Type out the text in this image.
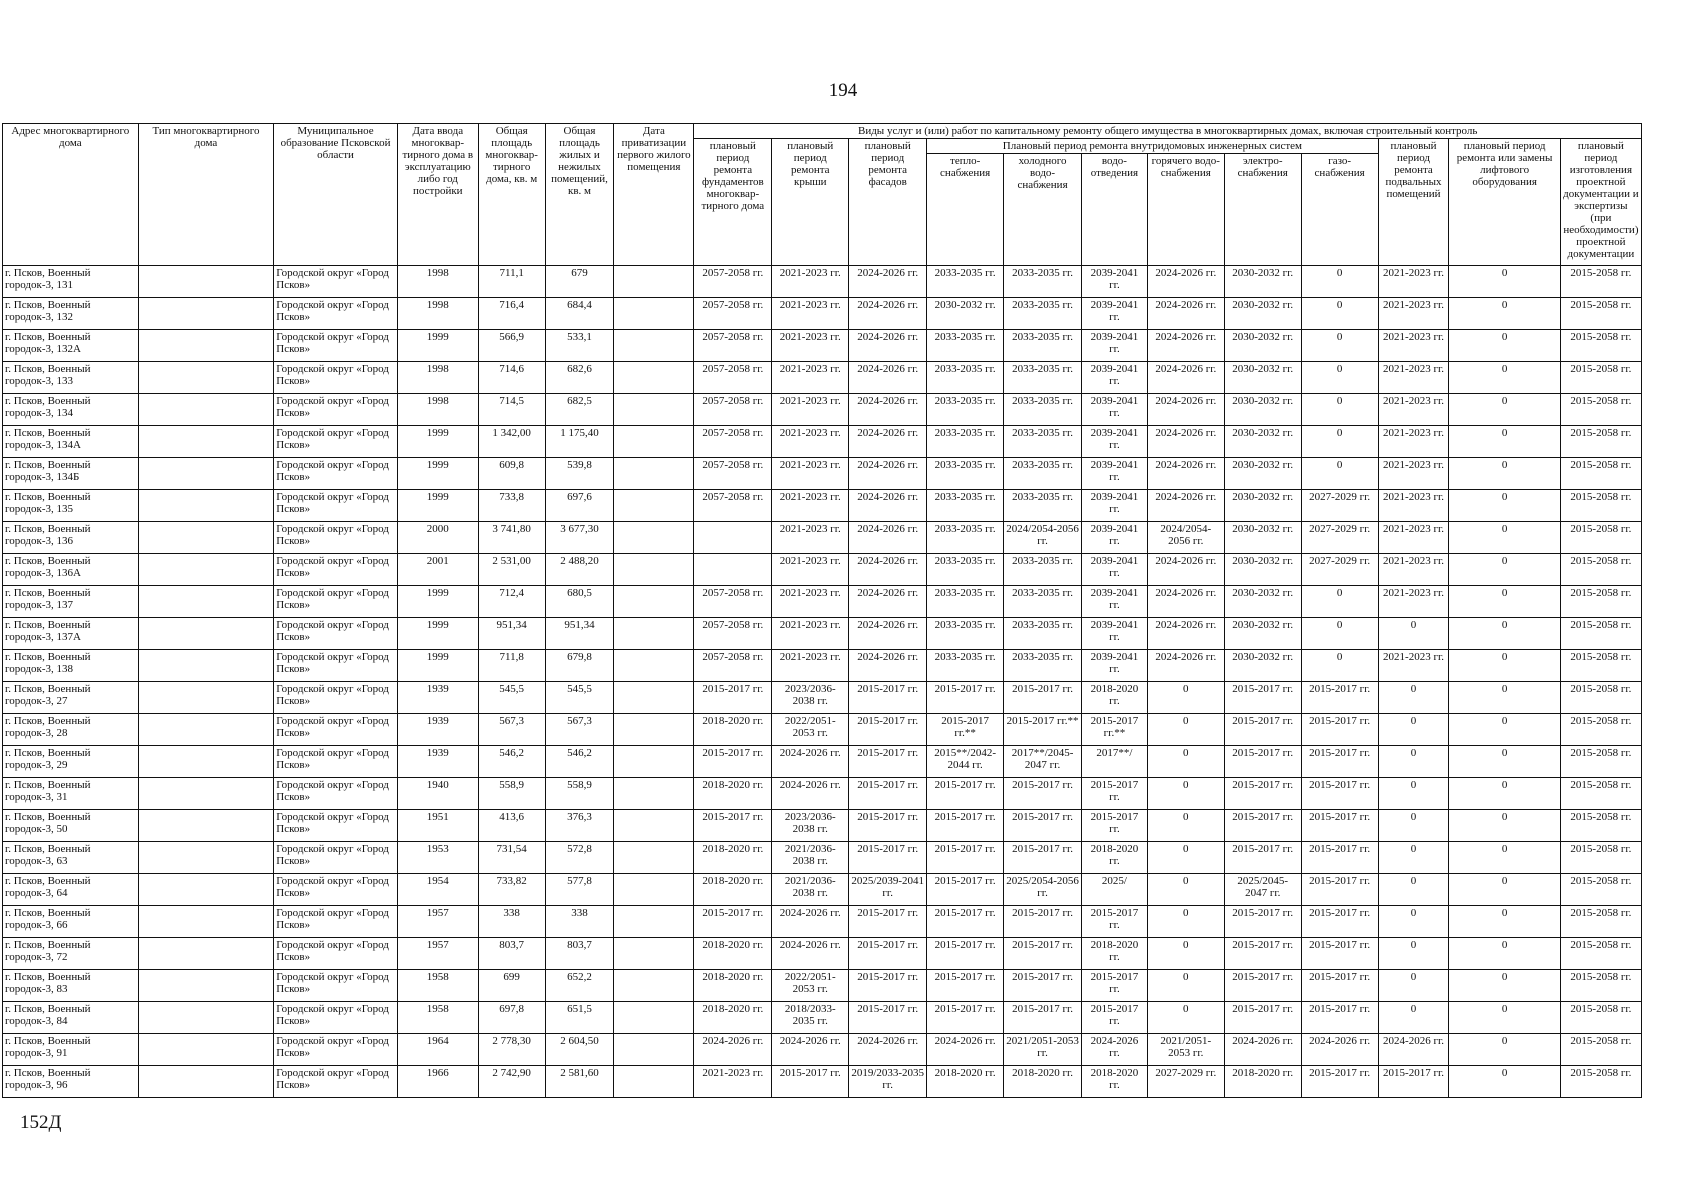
194
Адрес многоквартирного дома	Тип многоквартирного дома	Муниципальное образование Псковской области	Дата ввода многоквар-тирного дома в эксплуатацию либо год постройки	Общая площадь многоквар-тирного дома, кв. м	Общая площадь жилых и нежилых помещений, кв. м	Дата приватизации первого жилого помещения	Виды услуг и (или) работ по капитальному ремонту общего имущества в многоквартирных домах, включая строительный контроль											
							плановый период ремонта фундаментов многоквар-тирного дома	плановый период ремонта крыши	плановый период ремонта фасадов	Плановый период ремонта внутридомовых инженерных систем						плановый период ремонта подвальных помещений	плановый период ремонта или замены лифтового оборудования	плановый период изготовления проектной документации и экспертизы (при необходимости) проектной документации
										тепло-снабжения	холодного водо-снабжения	водо-отведения	горячего водо-снабжения	электро-снабжения	газо-снабжения			
г. Псков, Военный городок-3, 131		Городской округ «Город Псков»	1998	711,1	679		2057-2058 гг.	2021-2023 гг.	2024-2026 гг.	2033-2035 гг.	2033-2035 гг.	2039-2041 гг.	2024-2026 гг.	2030-2032 гг.	0	2021-2023 гг.	0	2015-2058 гг.
г. Псков, Военный городок-3, 132		Городской округ «Город Псков»	1998	716,4	684,4		2057-2058 гг.	2021-2023 гг.	2024-2026 гг.	2030-2032 гг.	2033-2035 гг.	2039-2041 гг.	2024-2026 гг.	2030-2032 гг.	0	2021-2023 гг.	0	2015-2058 гг.
г. Псков, Военный городок-3, 132А		Городской округ «Город Псков»	1999	566,9	533,1		2057-2058 гг.	2021-2023 гг.	2024-2026 гг.	2033-2035 гг.	2033-2035 гг.	2039-2041 гг.	2024-2026 гг.	2030-2032 гг.	0	2021-2023 гг.	0	2015-2058 гг.
г. Псков, Военный городок-3, 133		Городской округ «Город Псков»	1998	714,6	682,6		2057-2058 гг.	2021-2023 гг.	2024-2026 гг.	2033-2035 гг.	2033-2035 гг.	2039-2041 гг.	2024-2026 гг.	2030-2032 гг.	0	2021-2023 гг.	0	2015-2058 гг.
г. Псков, Военный городок-3, 134		Городской округ «Город Псков»	1998	714,5	682,5		2057-2058 гг.	2021-2023 гг.	2024-2026 гг.	2033-2035 гг.	2033-2035 гг.	2039-2041 гг.	2024-2026 гг.	2030-2032 гг.	0	2021-2023 гг.	0	2015-2058 гг.
г. Псков, Военный городок-3, 134А		Городской округ «Город Псков»	1999	1 342,00	1 175,40		2057-2058 гг.	2021-2023 гг.	2024-2026 гг.	2033-2035 гг.	2033-2035 гг.	2039-2041 гг.	2024-2026 гг.	2030-2032 гг.	0	2021-2023 гг.	0	2015-2058 гг.
г. Псков, Военный городок-3, 134Б		Городской округ «Город Псков»	1999	609,8	539,8		2057-2058 гг.	2021-2023 гг.	2024-2026 гг.	2033-2035 гг.	2033-2035 гг.	2039-2041 гг.	2024-2026 гг.	2030-2032 гг.	0	2021-2023 гг.	0	2015-2058 гг.
г. Псков, Военный городок-3, 135		Городской округ «Город Псков»	1999	733,8	697,6		2057-2058 гг.	2021-2023 гг.	2024-2026 гг.	2033-2035 гг.	2033-2035 гг.	2039-2041 гг.	2024-2026 гг.	2030-2032 гг.	2027-2029 гг.	2021-2023 гг.	0	2015-2058 гг.
г. Псков, Военный городок-3, 136		Городской округ «Город Псков»	2000	3 741,80	3 677,30			2021-2023 гг.	2024-2026 гг.	2033-2035 гг.	2024/2054-2056 гг.	2039-2041 гг.	2024/2054-2056 гг.	2030-2032 гг.	2027-2029 гг.	2021-2023 гг.	0	2015-2058 гг.
г. Псков, Военный городок-3, 136А		Городской округ «Город Псков»	2001	2 531,00	2 488,20			2021-2023 гг.	2024-2026 гг.	2033-2035 гг.	2033-2035 гг.	2039-2041 гг.	2024-2026 гг.	2030-2032 гг.	2027-2029 гг.	2021-2023 гг.	0	2015-2058 гг.
г. Псков, Военный городок-3, 137		Городской округ «Город Псков»	1999	712,4	680,5		2057-2058 гг.	2021-2023 гг.	2024-2026 гг.	2033-2035 гг.	2033-2035 гг.	2039-2041 гг.	2024-2026 гг.	2030-2032 гг.	0	2021-2023 гг.	0	2015-2058 гг.
г. Псков, Военный городок-3, 137А		Городской округ «Город Псков»	1999	951,34	951,34		2057-2058 гг.	2021-2023 гг.	2024-2026 гг.	2033-2035 гг.	2033-2035 гг.	2039-2041 гг.	2024-2026 гг.	2030-2032 гг.	0	0	0	2015-2058 гг.
г. Псков, Военный городок-3, 138		Городской округ «Город Псков»	1999	711,8	679,8		2057-2058 гг.	2021-2023 гг.	2024-2026 гг.	2033-2035 гг.	2033-2035 гг.	2039-2041 гг.	2024-2026 гг.	2030-2032 гг.	0	2021-2023 гг.	0	2015-2058 гг.
г. Псков, Военный городок-3, 27		Городской округ «Город Псков»	1939	545,5	545,5		2015-2017 гг.	2023/2036-2038 гг.	2015-2017 гг.	2015-2017 гг.	2015-2017 гг.	2018-2020 гг.	0	2015-2017 гг.	2015-2017 гг.	0	0	2015-2058 гг.
г. Псков, Военный городок-3, 28		Городской округ «Город Псков»	1939	567,3	567,3		2018-2020 гг.	2022/2051-2053 гг.	2015-2017 гг.	2015-2017 гг.**	2015-2017 гг.**	2015-2017 гг.**	0	2015-2017 гг.	2015-2017 гг.	0	0	2015-2058 гг.
г. Псков, Военный городок-3, 29		Городской округ «Город Псков»	1939	546,2	546,2		2015-2017 гг.	2024-2026 гг.	2015-2017 гг.	2015**/2042-2044 гг.	2017**/2045-2047 гг.	2017**/	0	2015-2017 гг.	2015-2017 гг.	0	0	2015-2058 гг.
г. Псков, Военный городок-3, 31		Городской округ «Город Псков»	1940	558,9	558,9		2018-2020 гг.	2024-2026 гг.	2015-2017 гг.	2015-2017 гг.	2015-2017 гг.	2015-2017 гг.	0	2015-2017 гг.	2015-2017 гг.	0	0	2015-2058 гг.
г. Псков, Военный городок-3, 50		Городской округ «Город Псков»	1951	413,6	376,3		2015-2017 гг.	2023/2036-2038 гг.	2015-2017 гг.	2015-2017 гг.	2015-2017 гг.	2015-2017 гг.	0	2015-2017 гг.	2015-2017 гг.	0	0	2015-2058 гг.
г. Псков, Военный городок-3, 63		Городской округ «Город Псков»	1953	731,54	572,8		2018-2020 гг.	2021/2036-2038 гг.	2015-2017 гг.	2015-2017 гг.	2015-2017 гг.	2018-2020 гг.	0	2015-2017 гг.	2015-2017 гг.	0	0	2015-2058 гг.
г. Псков, Военный городок-3, 64		Городской округ «Город Псков»	1954	733,82	577,8		2018-2020 гг.	2021/2036-2038 гг.	2025/2039-2041 гг.	2015-2017 гг.	2025/2054-2056 гг.	2025/	0	2025/2045-2047 гг.	2015-2017 гг.	0	0	2015-2058 гг.
г. Псков, Военный городок-3, 66		Городской округ «Город Псков»	1957	338	338		2015-2017 гг.	2024-2026 гг.	2015-2017 гг.	2015-2017 гг.	2015-2017 гг.	2015-2017 гг.	0	2015-2017 гг.	2015-2017 гг.	0	0	2015-2058 гг.
г. Псков, Военный городок-3, 72		Городской округ «Город Псков»	1957	803,7	803,7		2018-2020 гг.	2024-2026 гг.	2015-2017 гг.	2015-2017 гг.	2015-2017 гг.	2018-2020 гг.	0	2015-2017 гг.	2015-2017 гг.	0	0	2015-2058 гг.
г. Псков, Военный городок-3, 83		Городской округ «Город Псков»	1958	699	652,2		2018-2020 гг.	2022/2051-2053 гг.	2015-2017 гг.	2015-2017 гг.	2015-2017 гг.	2015-2017 гг.	0	2015-2017 гг.	2015-2017 гг.	0	0	2015-2058 гг.
г. Псков, Военный городок-3, 84		Городской округ «Город Псков»	1958	697,8	651,5		2018-2020 гг.	2018/2033-2035 гг.	2015-2017 гг.	2015-2017 гг.	2015-2017 гг.	2015-2017 гг.	0	2015-2017 гг.	2015-2017 гг.	0	0	2015-2058 гг.
г. Псков, Военный городок-3, 91		Городской округ «Город Псков»	1964	2 778,30	2 604,50		2024-2026 гг.	2024-2026 гг.	2024-2026 гг.	2024-2026 гг.	2021/2051-2053 гг.	2024-2026 гг.	2021/2051-2053 гг.	2024-2026 гг.	2024-2026 гг.	2024-2026 гг.	0	2015-2058 гг.
г. Псков, Военный городок-3, 96		Городской округ «Город Псков»	1966	2 742,90	2 581,60		2021-2023 гг.	2015-2017 гг.	2019/2033-2035 гг.	2018-2020 гг.	2018-2020 гг.	2018-2020 гг.	2027-2029 гг.	2018-2020 гг.	2015-2017 гг.	2015-2017 гг.	0	2015-2058 гг.
152Д
